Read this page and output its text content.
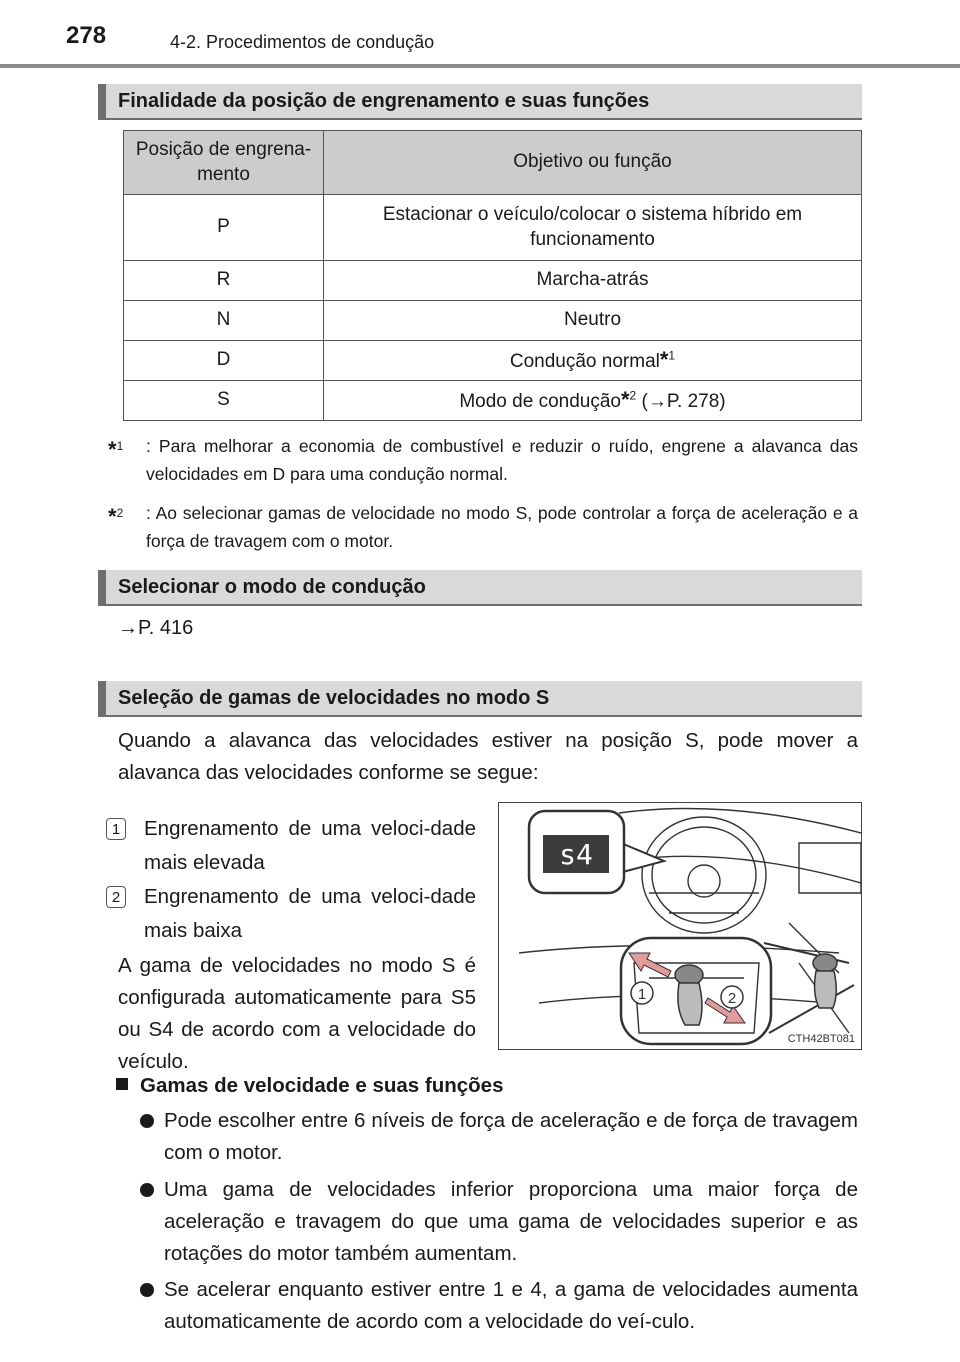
278	4-2. Procedimentos de condução
Finalidade da posição de engrenamento e suas funções
Posição de engrena-mento	Objetivo ou função
P	Estacionar o veículo/colocar o sistema híbrido em funcionamento
R	Marcha-atrás
N	Neutro
D	Condução normal*$^1$
S	Modo de condução*$^2$ (→P. 278)
*$^1$ : Para melhorar a economia de combustível e reduzir o ruído, engrene a alavanca das velocidades em D para uma condução normal.
*$^2$ : Ao selecionar gamas de velocidade no modo S, pode controlar a força de aceleração e a força de travagem com o motor.
Selecionar o modo de condução
→P. 416
Seleção de gamas de velocidades no modo S
Quando a alavanca das velocidades estiver na posição S, pode mover a alavanca das velocidades conforme se segue:
1 Engrenamento de uma veloci-dade mais elevada
2 Engrenamento de uma veloci-dade mais baixa
A gama de velocidades no modo S é configurada automaticamente para S5 ou S4 de acordo com a velocidade do veículo.
s4
1	2
CTH42BT081
Gamas de velocidade e suas funções
Pode escolher entre 6 níveis de força de aceleração e de força de travagem com o motor.
Uma gama de velocidades inferior proporciona uma maior força de aceleração e travagem do que uma gama de velocidades superior e as rotações do motor também aumentam.
Se acelerar enquanto estiver entre 1 e 4, a gama de velocidades aumenta automaticamente de acordo com a velocidade do veí-culo.
